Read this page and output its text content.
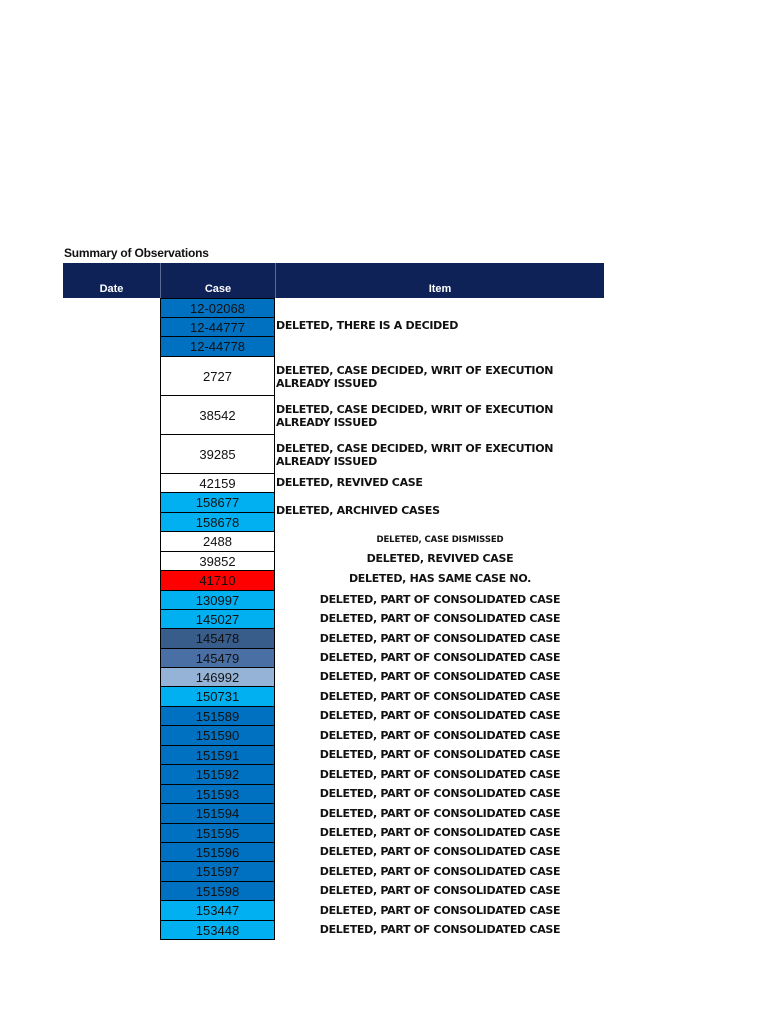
Summary of Observations
Date	Case	Item
12-02068
12-44777
12-44778
2727
38542
39285
42159
158677
158678
2488
39852
41710
130997
145027
145478
145479
146992
150731
151589
151590
151591
151592
151593
151594
151595
151596
151597
151598
153447
153448
DELETED, THERE IS A DECIDED
DELETED, CASE DECIDED, WRIT OF EXECUTION ALREADY ISSUED
DELETED, CASE DECIDED, WRIT OF EXECUTION ALREADY ISSUED
DELETED, CASE DECIDED, WRIT OF EXECUTION ALREADY ISSUED
DELETED, REVIVED CASE
DELETED, ARCHIVED CASES
DELETED, CASE DISMISSED
DELETED, REVIVED CASE
DELETED, HAS SAME CASE NO.
DELETED, PART OF CONSOLIDATED CASE
DELETED, PART OF CONSOLIDATED CASE
DELETED, PART OF CONSOLIDATED CASE
DELETED, PART OF CONSOLIDATED CASE
DELETED, PART OF CONSOLIDATED CASE
DELETED, PART OF CONSOLIDATED CASE
DELETED, PART OF CONSOLIDATED CASE
DELETED, PART OF CONSOLIDATED CASE
DELETED, PART OF CONSOLIDATED CASE
DELETED, PART OF CONSOLIDATED CASE
DELETED, PART OF CONSOLIDATED CASE
DELETED, PART OF CONSOLIDATED CASE
DELETED, PART OF CONSOLIDATED CASE
DELETED, PART OF CONSOLIDATED CASE
DELETED, PART OF CONSOLIDATED CASE
DELETED, PART OF CONSOLIDATED CASE
DELETED, PART OF CONSOLIDATED CASE
DELETED, PART OF CONSOLIDATED CASE
